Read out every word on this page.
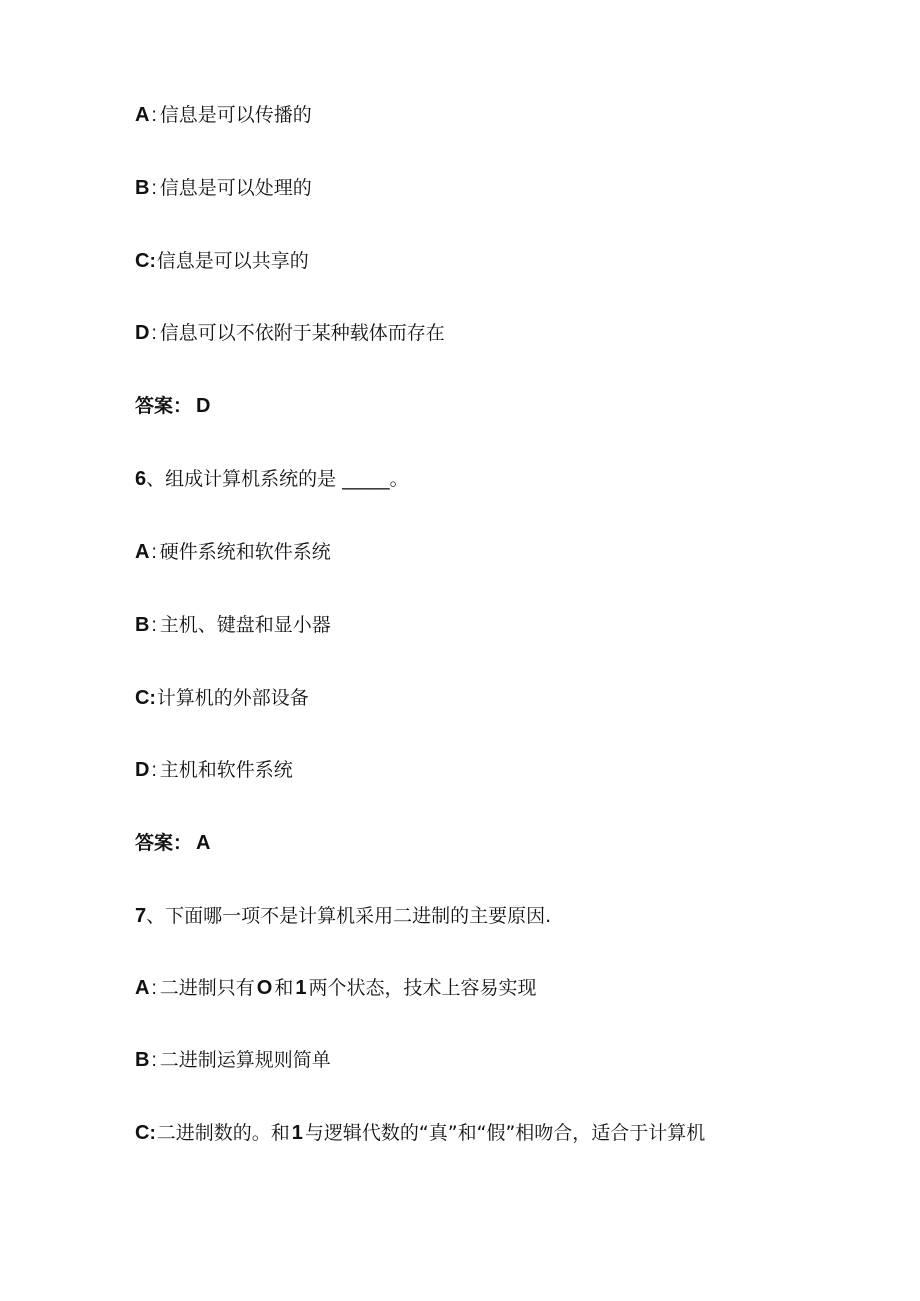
A : 信息是可以传播的
B : 信息是可以处理的
C:信息是可以共享的
D : 信息可以不依附于某种载体而存在
答案： D
6、组成计算机系统的是 _____。
A : 硬件系统和软件系统
B : 主机、键盘和显小器
C:计算机的外部设备
D : 主机和软件系统
答案： A
7、下面哪一项不是计算机采用二进制的主要原因.
A : 二进制只有 O 和 1 两个状态，技术上容易实现
B : 二进制运算规则简单
C:二进制数的。和 1 与逻辑代数的“真”和“假”相吻合，适合于计算机
